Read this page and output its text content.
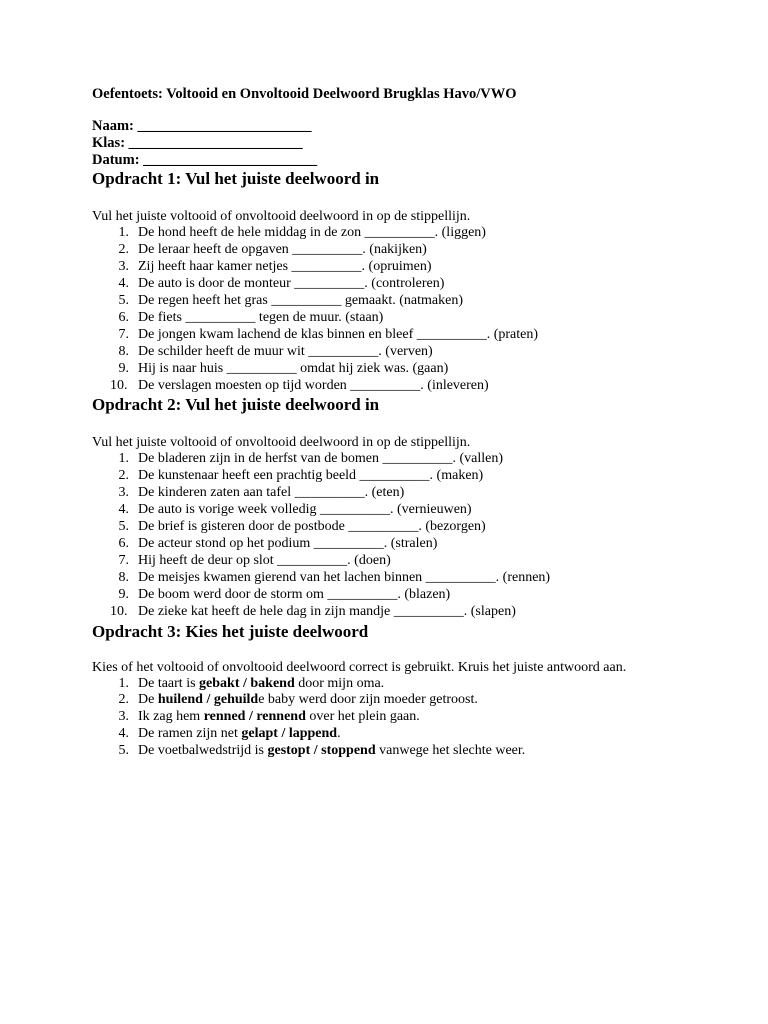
Oefentoets: Voltooid en Onvoltooid Deelwoord Brugklas Havo/VWO

Naam: ________________________
Klas: ________________________
Datum: ________________________
Opdracht 1: Vul het juiste deelwoord in

Vul het juiste voltooid of onvoltooid deelwoord in op de stippellijn.

1. De hond heeft de hele middag in de zon __________. (liggen)
2. De leraar heeft de opgaven __________. (nakijken)
3. Zij heeft haar kamer netjes __________. (opruimen)
4. De auto is door de monteur __________. (controleren)
5. De regen heeft het gras __________ gemaakt. (natmaken)
6. De fiets __________ tegen de muur. (staan)
7. De jongen kwam lachend de klas binnen en bleef __________. (praten)
8. De schilder heeft de muur wit __________. (verven)
9. Hij is naar huis __________ omdat hij ziek was. (gaan)
10. De verslagen moesten op tijd worden __________. (inleveren)
Opdracht 2: Vul het juiste deelwoord in

Vul het juiste voltooid of onvoltooid deelwoord in op de stippellijn.

1. De bladeren zijn in de herfst van de bomen __________. (vallen)
2. De kunstenaar heeft een prachtig beeld __________. (maken)
3. De kinderen zaten aan tafel __________. (eten)
4. De auto is vorige week volledig __________. (vernieuwen)
5. De brief is gisteren door de postbode __________. (bezorgen)
6. De acteur stond op het podium __________. (stralen)
7. Hij heeft de deur op slot __________. (doen)
8. De meisjes kwamen gierend van het lachen binnen __________. (rennen)
9. De boom werd door de storm om __________. (blazen)
10. De zieke kat heeft de hele dag in zijn mandje __________. (slapen)
Opdracht 3: Kies het juiste deelwoord

Kies of het voltooid of onvoltooid deelwoord correct is gebruikt. Kruis het juiste antwoord aan.

1. De taart is gebakt / bakend door mijn oma.
2. De huilend / gehuilde baby werd door zijn moeder getroost.
3. Ik zag hem renned / rennend over het plein gaan.
4. De ramen zijn net gelapt / lappend.
5. De voetbalwedstrijd is gestopt / stoppend vanwege het slechte weer.
